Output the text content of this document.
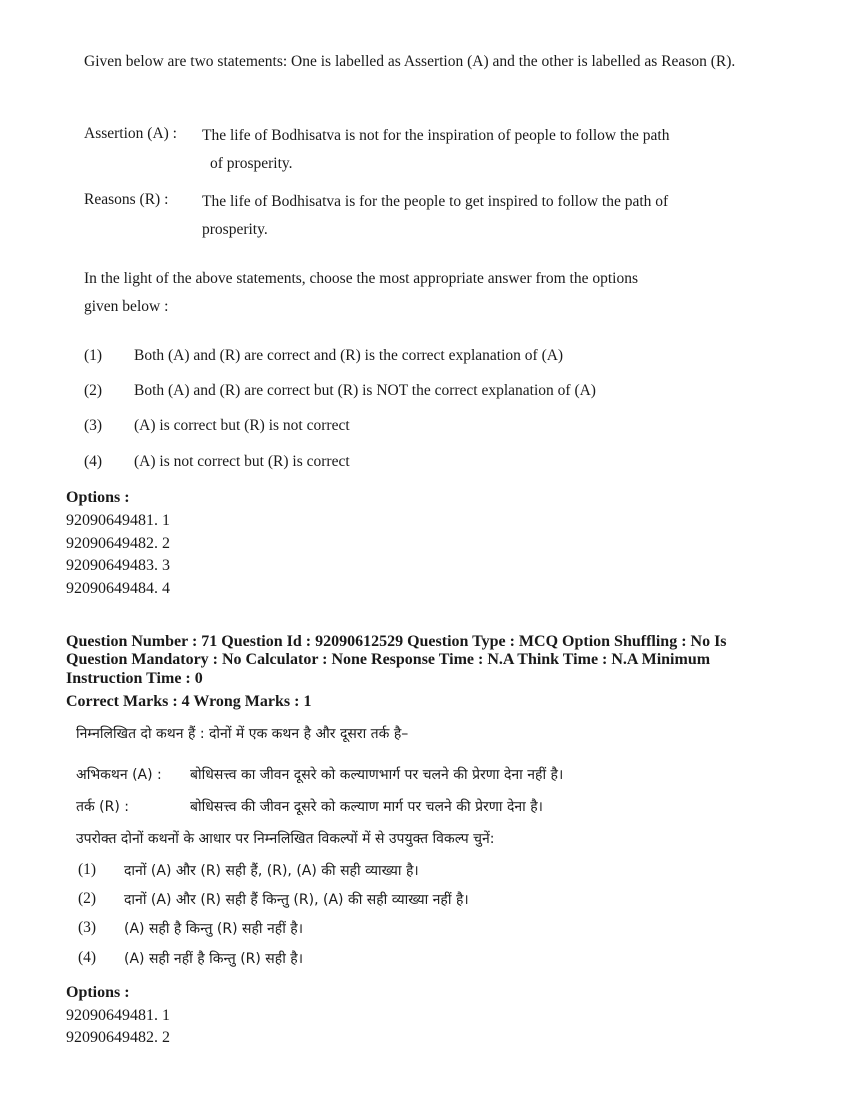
Given below are two statements: One is labelled as Assertion (A) and the other is labelled as Reason (R).
Assertion (A) : The life of Bodhisatva is not for the inspiration of people to follow the path
of prosperity.
Reasons (R) : The life of Bodhisatva is for the people to get inspired to follow the path of
prosperity.
In the light of the above statements, choose the most appropriate answer from the options
given below :
(1) Both (A) and (R) are correct and (R) is the correct explanation of (A)
(2) Both (A) and (R) are correct but (R) is NOT the correct explanation of (A)
(3) (A) is correct but (R) is not correct
(4) (A) is not correct but (R) is correct
Options :
92090649481. 1
92090649482. 2
92090649483. 3
92090649484. 4
Question Number : 71 Question Id : 92090612529 Question Type : MCQ Option Shuffling : No Is
Question Mandatory : No Calculator : None Response Time : N.A Think Time : N.A Minimum
Instruction Time : 0
Correct Marks : 4 Wrong Marks : 1
निम्नलिखित दो कथन हैं : दोनों में एक कथन है और दूसरा तर्क है–
अभिकथन (A) : बोधिसत्त्व का जीवन दूसरे को कल्याणभार्ग पर चलने की प्रेरणा देना नहीं है।
तर्क (R) :	बोधिसत्त्व की जीवन दूसरे को कल्याण मार्ग पर चलने की प्रेरणा देना है।
उपरोक्त दोनों कथनों के आधार पर निम्नलिखित विकल्पों में से उपयुक्त विकल्प चुनें:
(1) दानों (A) और (R) सही हैं, (R), (A) की सही व्याख्या है।
(2) दानों (A) और (R) सही हैं किन्तु (R), (A) की सही व्याख्या नहीं है।
(3) (A) सही है किन्तु (R) सही नहीं है।
(4) (A) सही नहीं है किन्तु (R) सही है।
Options :
92090649481. 1
92090649482. 2
